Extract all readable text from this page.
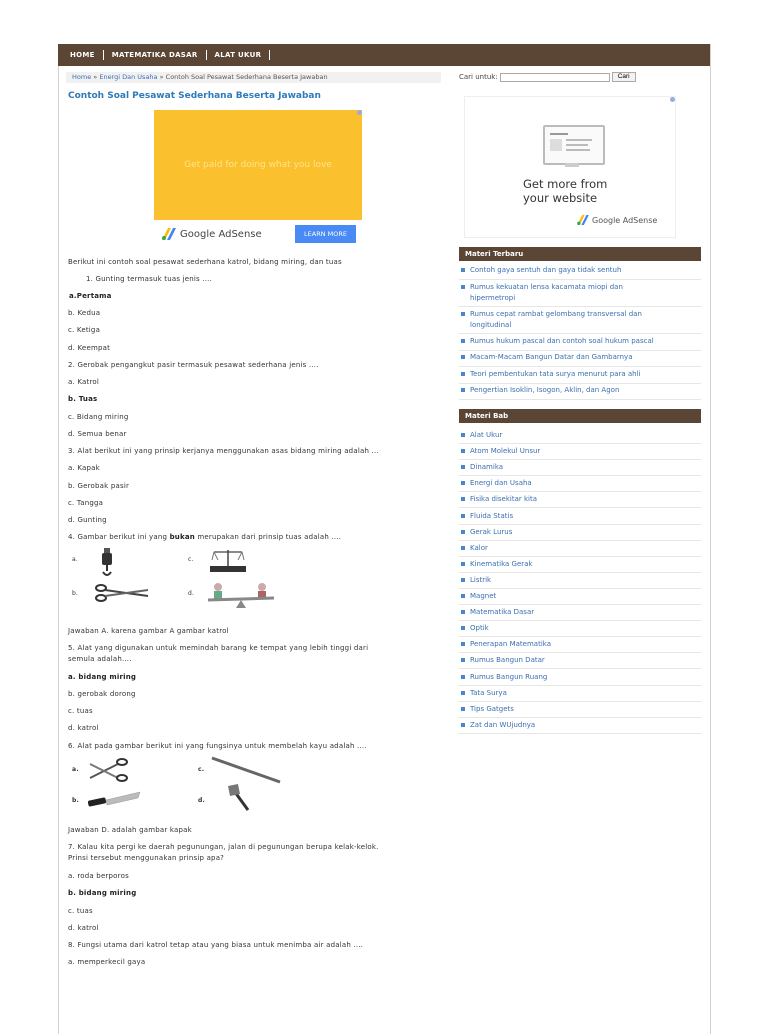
HOME	MATEMATIKA DASAR	ALAT UKUR
Home » Energi Dan Usaha » Contoh Soal Pesawat Sederhana Beserta Jawaban
Contoh Soal Pesawat Sederhana Beserta Jawaban
Get paid for doing what you love
Google AdSense	LEARN MORE
Berikut ini contoh soal pesawat sederhana katrol, bidang miring, dan tuas
1. Gunting termasuk tuas jenis ....
a.Pertama
b. Kedua
c. Ketiga
d. Keempat
2. Gerobak pengangkut pasir termasuk pesawat sederhana jenis ....
a. Katrol
b. Tuas
c. Bidang miring
d. Semua benar
3. Alat berikut ini yang prinsip kerjanya menggunakan asas bidang miring adalah ...
a. Kapak
b. Gerobak pasir
c. Tangga
d. Gunting
4. Gambar berikut ini yang bukan merupakan dari prinsip tuas adalah ....
a.	c.
b.	d.
Jawaban A. karena gambar A gambar katrol
5. Alat yang digunakan untuk memindah barang ke tempat yang lebih tinggi dari
semula adalah....
a. bidang miring
b. gerobak dorong
c. tuas
d. katrol
6. Alat pada gambar berikut ini yang fungsinya untuk membelah kayu adalah ....
a.	c.
b.	d.
Jawaban D. adalah gambar kapak
7. Kalau kita pergi ke daerah pegunungan, jalan di pegunungan berupa kelak-kelok.
Prinsi tersebut menggunakan prinsip apa?
a. roda berporos
b. bidang miring
c. tuas
d. katrol
8. Fungsi utama dari katrol tetap atau yang biasa untuk menimba air adalah ....
a. memperkecil gaya
Cari untuk:	Cari
Get more from
your website
Google AdSense
Materi Terbaru
Contoh gaya sentuh dan gaya tidak sentuh
Rumus kekuatan lensa kacamata miopi dan
hipermetropi
Rumus cepat rambat gelombang transversal dan
longitudinal
Rumus hukum pascal dan contoh soal hukum pascal
Macam-Macam Bangun Datar dan Gambarnya
Teori pembentukan tata surya menurut para ahli
Pengertian Isoklin, Isogon, Aklin, dan Agon
Materi Bab
Alat Ukur
Atom Molekul Unsur
Dinamika
Energi dan Usaha
Fisika disekitar kita
Fluida Statis
Gerak Lurus
Kalor
Kinematika Gerak
Listrik
Magnet
Matematika Dasar
Optik
Penerapan Matematika
Rumus Bangun Datar
Rumus Bangun Ruang
Tata Surya
Tips Gatgets
Zat dan WUjudnya
